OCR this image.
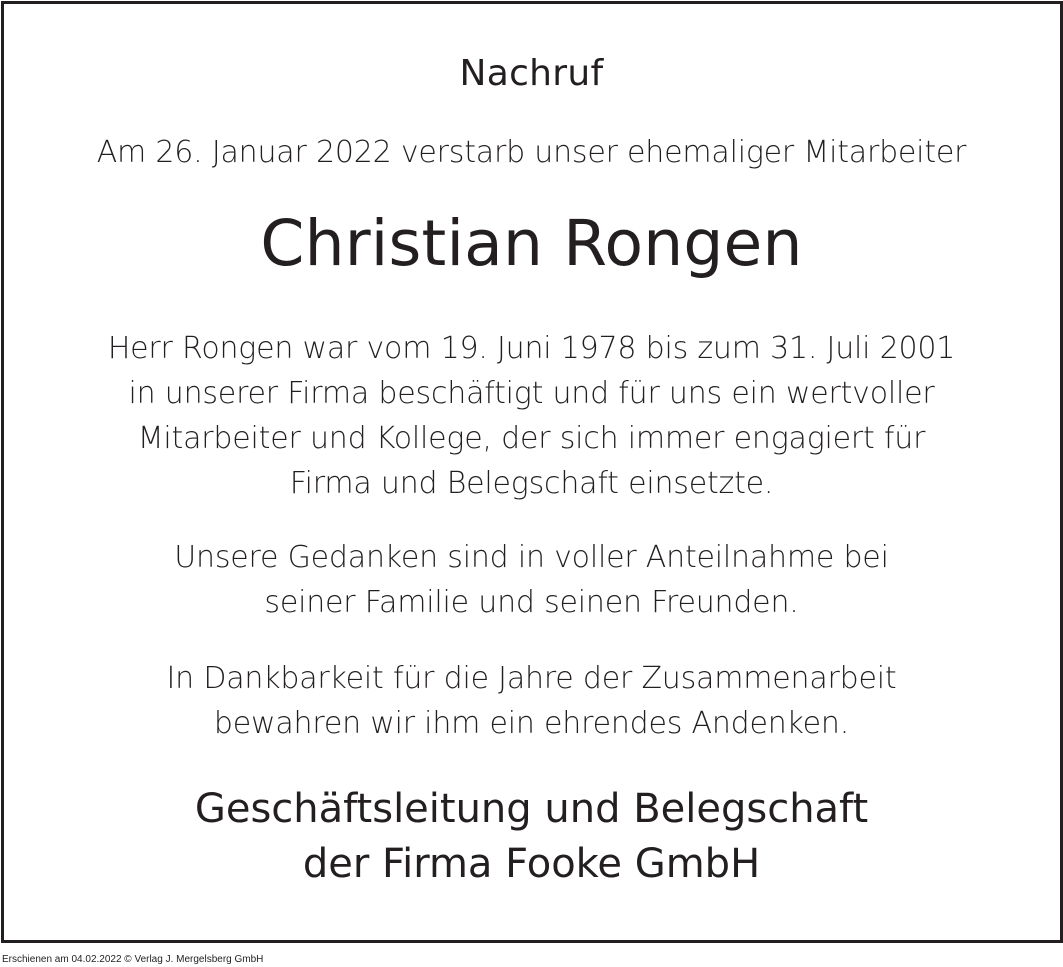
Nachruf
Am 26. Januar 2022 verstarb unser ehemaliger Mitarbeiter
Christian Rongen
Herr Rongen war vom 19. Juni 1978 bis zum 31. Juli 2001
in unserer Firma beschäftigt und für uns ein wertvoller
Mitarbeiter und Kollege, der sich immer engagiert für
Firma und Belegschaft einsetzte.
Unsere Gedanken sind in voller Anteilnahme bei
seiner Familie und seinen Freunden.
In Dankbarkeit für die Jahre der Zusammenarbeit
bewahren wir ihm ein ehrendes Andenken.
Geschäftsleitung und Belegschaft
der Firma Fooke GmbH
Erschienen am 04.02.2022 © Verlag J. Mergelsberg GmbH
